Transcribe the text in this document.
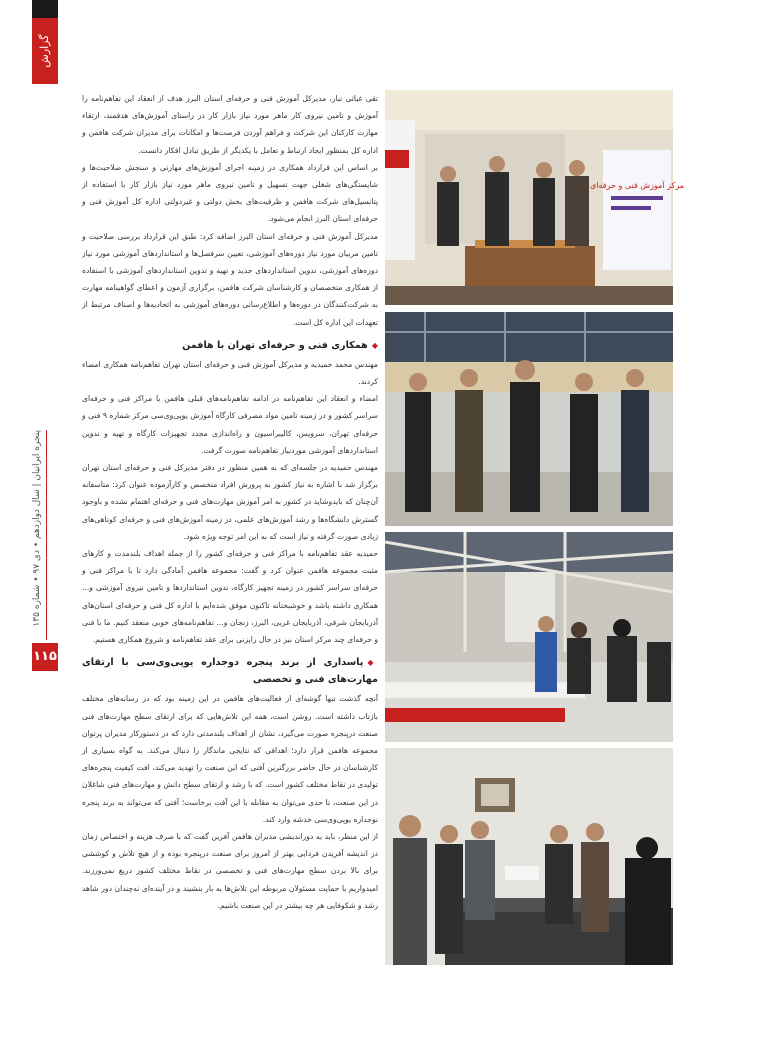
گزارش
پنجره ایرانیان | سال دوازدهم • دی ۹۷ • شماره ۱۳۵
۱۱۵

تقی غیاثی تبار، مدیرکل آموزش فنی و حرفه‌ای استان البرز هدف از انعقاد این تفاهم‌نامه را آموزش و تامین نیروی کار ماهر مورد نیاز بازار کار در راستای آموزش‌های هدفمند، ارتقاء مهارت کارکنان این شرکت و فراهم آوردن فرصت‌ها و امکانات برای مدیران شرکت هافمن و اداره کل بمنظور ایجاد ارتباط و تعامل با یکدیگر از طریق تبادل افکار دانست.

بر اساس این قرارداد همکاری در زمینه اجرای آموزش‌های مهارتی و سنجش صلاحیت‌ها و شایستگی‌های شغلی جهت تسهیل و تامین نیروی ماهر مورد نیاز بازار کار با استفاده از پتانسیل‌های شرکت هافمن و ظرفیت‌های بخش دولتی و غیردولتی اداره کل آموزش فنی و حرفه‌ای استان البرز انجام می‌شود.

مدیرکل آموزش فنی و حرفه‌ای استان البرز اضافه کرد: طبق این قرارداد بررسی صلاحیت و تامین مربیان مورد نیاز دوره‌های آموزشی، تعیین سرفصل‌ها و استانداردهای آموزشی مورد نیاز دوره‌های آموزشی، تدوین استانداردهای جدید و تهیه و تدوین استانداردهای آموزشی با استفاده از همکاری متخصصان و کارشناسان شرکت هافمن، برگزاری آزمون و اعطای گواهینامه مهارت به شرکت‌کنندگان در دوره‌ها و اطلاع‌رسانی دوره‌های آموزشی به اتحادیه‌ها و اصناف مرتبط از تعهدات این اداره کل است.

◆همکاری فنی و حرفه‌ای تهران با هافمن

مهندس محمد حمیدیه و مدیرکل آموزش فنی و حرفه‌ای استان تهران تفاهم‌نامه همکاری امضاء کردند.

امضاء و انعقاد این تفاهم‌نامه در ادامه تفاهم‌نامه‌های قبلی هافمن با مراکز فنی و حرفه‌ای سراسر کشور و در زمینه تامین مواد مصرفی کارگاه آموزش یوپی‌وی‌سی مرکز شماره ۹ فنی و حرفه‌ای تهران، سرویس، کالیبراسیون و راه‌اندازی مجدد تجهیزات کارگاه و تهیه و تدوین استانداردهای آموزشی موردنیاز تفاهم‌نامه صورت گرفت.

مهندس حمیدیه در جلسه‌ای که به همین منظور در دفتر مدیرکل فنی و حرفه‌ای استان تهران برگزار شد با اشاره به نیاز کشور به پرورش افراد متخصص و کارآزموده عنوان کرد: متاسفانه آن‌چنان که بایدوشاید در کشور به امر آموزش مهارت‌های فنی و حرفه‌ای اهتمام نشده و باوجود گسترش دانشگاه‌ها و رشد آموزش‌های علمی، در زمینه آموزش‌های فنی و حرفه‌ای کوتاهی‌های زیادی صورت گرفته و نیاز است که به این امر توجه ویژه شود.

حمیدیه عقد تفاهم‌نامه با مراکز فنی و حرفه‌ای کشور را از جمله اهداف بلندمدت و کارهای مثبت مجموعه هافمن عنوان کرد و گفت: مجموعه هافمن آمادگی دارد تا با مراکز فنی و حرفه‌ای سراسر کشور در زمینه تجهیز کارگاه، تدوین استانداردها و تامین نیروی آموزشی و... همکاری داشته باشد و خوشبختانه تاکنون موفق شده‌ایم با اداره کل فنی و حرفه‌ای استان‌های آذربایجان شرقی، آذربایجان غربی، البرز، زنجان و... تفاهم‌نامه‌های خوبی منعقد کنیم. ما با فنی و حرفه‌ای چند مرکز استان نیز در حال رایزنی برای عقد تفاهم‌نامه و شروع همکاری هستیم.

◆پاسداری از برند پنجره دوجداره یوپی‌وی‌سی با ارتقای مهارت‌های فنی و تخصصی

آنچه گذشت تنها گوشه‌ای از فعالیت‌های هافمن در این زمینه بود که در رسانه‌های مختلف بازتاب داشته است. روشن است، همه این تلاش‌هایی که برای ارتقای سطح مهارت‌های فنی صنعت درپنجره صورت می‌گیرد، نشان از اهداف بلندمدتی دارد که در دستورکار مدیران پرتوان مجموعه هافمن قرار دارد؛ اهدافی که نتایجی ماندگار را دنبال می‌کند. به گواه بسیاری از کارشناسان در حال حاضر بزرگترین آفتی که این صنعت را تهدید می‌کند، افت کیفیت پنجره‌های تولیدی در نقاط مختلف کشور است. که با رشد و ارتقای سطح دانش و مهارت‌های فنی شاغلان در این صنعت، تا حدی می‌توان به مقابله با این آفت برخاست؛ آفتی که می‌تواند به برند پنجره نوجداره یوپی‌وی‌سی خدشه وارد کند.

از این منظر، باید به دوراندیشی مدیران هافمن آفرین گفت که با صرف هزینه و اختصاص زمان در اندیشه آفریدن فردایی بهتر از امروز برای صنعت درپنجره بوده و از هیچ تلاش و کوششی برای بالا بردن سطح مهارت‌های فنی و تخصصی در نقاط مختلف کشور دریغ نمی‌ورزند. امیدواریم با حمایت مسئولان مربوطه این تلاش‌ها به بار بنشیند و در آینده‌ای نه‌چندان دور شاهد رشد و شکوفایی هر چه بیشتر در این صنعت باشیم.

مرکز آموزش فنی و حرفه‌ای
